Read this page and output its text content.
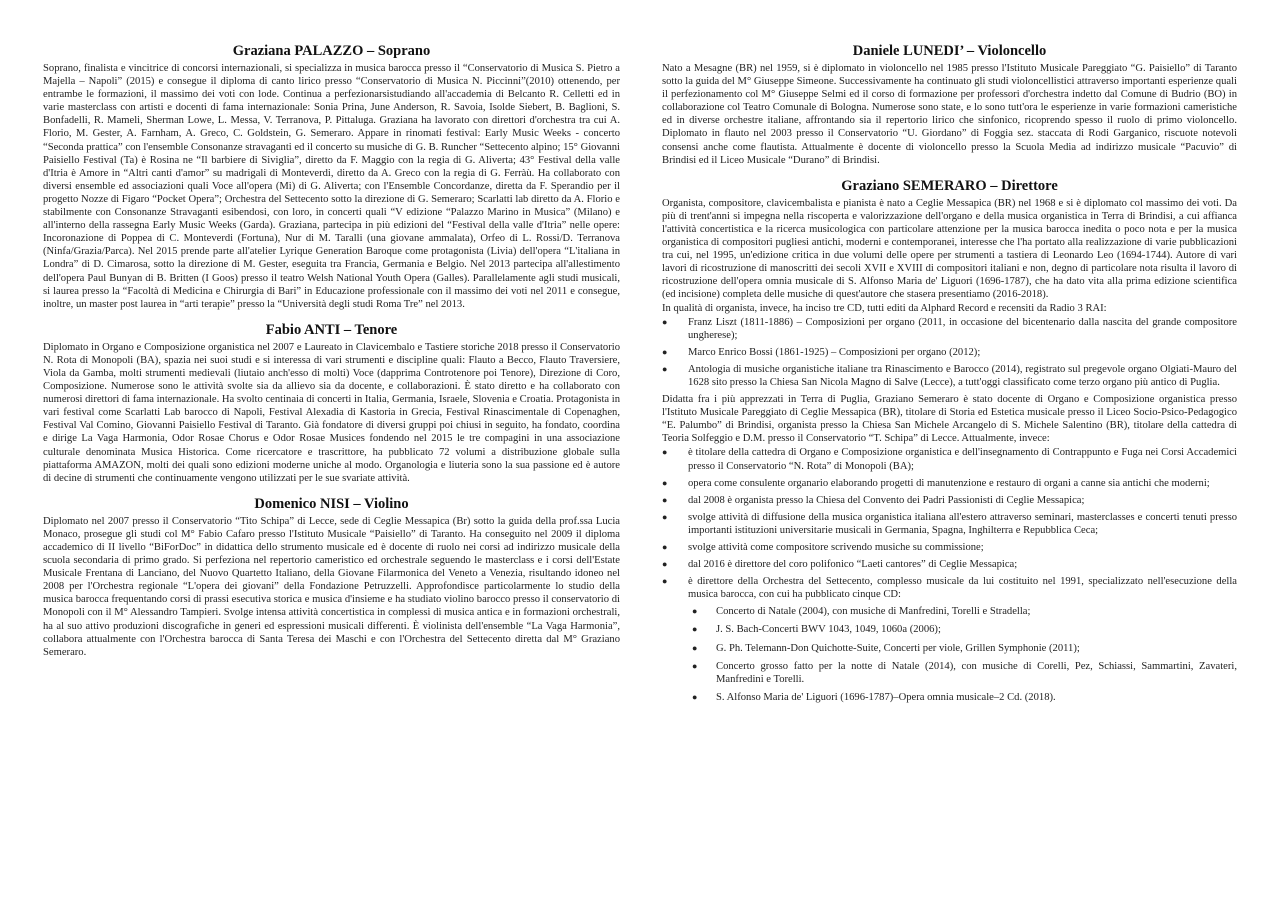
Graziana PALAZZO – Soprano

Soprano, finalista e vincitrice di concorsi internazionali, si specializza in musica barocca presso il “Conservatorio di Musica S. Pietro a Majella – Napoli” (2015) e consegue il diploma di canto lirico presso “Conservatorio di Musica N. Piccinni”(2010) ottenendo, per entrambe le formazioni, il massimo dei voti con lode. Continua a perfezionarsistudiando all'accademia di Belcanto R. Celletti ed in varie masterclass con artisti e docenti di fama internazionale: Sonia Prina, June Anderson, R. Savoia, Isolde Siebert, B. Baglioni, S. Bonfadelli, R. Mameli, Sherman Lowe, L. Messa, V. Terranova, P. Pittaluga. Graziana ha lavorato con direttori d'orchestra tra cui A. Florio, M. Gester, A. Farnham, A. Greco, C. Goldstein, G. Semeraro. Appare in rinomati festival: Early Music Weeks - concerto “Seconda prattica” con l'ensemble Consonanze stravaganti ed il concerto su musiche di G. B. Runcher “Settecento alpino; 15° Giovanni Paisiello Festival (Ta) è Rosina ne “Il barbiere di Siviglia”, diretto da F. Maggio con la regia di G. Aliverta; 43° Festival della valle d'Itria è Amore in “Altri canti d'amor” su madrigali di Monteverdi, diretto da A. Greco con la regia di G. Ferràù. Ha collaborato con diversi ensemble ed associazioni quali Voce all'opera (Mi) di G. Aliverta; con l'Ensemble Concordanze, diretta da F. Sperandio per il progetto Nozze di Figaro “Pocket Opera”; Orchestra del Settecento sotto la direzione di G. Semeraro; Scarlatti lab diretto da A. Florio e stabilmente con Consonanze Stravaganti esibendosi, con loro, in concerti quali “V edizione “Palazzo Marino in Musica” (Milano) e all'interno della rassegna Early Music Weeks (Garda). Graziana, partecipa in più edizioni del “Festival della valle d'Itria” nelle opere: Incoronazione di Poppea di C. Monteverdi (Fortuna), Nur di M. Taralli (una giovane ammalata), Orfeo di L. Rossi/D. Terranova (Ninfa/Grazia/Parca). Nel 2015 prende parte all'atelier Lyrique Generation Baroque come protagonista (Livia) dell'opera “L'italiana in Londra” di D. Cimarosa, sotto la direzione di M. Gester, eseguita tra Francia, Germania e Belgio. Nel 2013 partecipa all'allestimento dell'opera Paul Bunyan di B. Britten (I Goos) presso il teatro Welsh National Youth Opera (Galles). Parallelamente agli studi musicali, si laurea presso la “Facoltà di Medicina e Chirurgia di Bari” in Educazione professionale con il massimo dei voti nel 2011 e consegue, inoltre, un master post laurea in “arti terapie” presso la “Università degli studi Roma Tre” nel 2013.

Fabio ANTI – Tenore

Diplomato in Organo e Composizione organistica nel 2007 e Laureato in Clavicembalo e Tastiere storiche 2018 presso il Conservatorio N. Rota di Monopoli (BA), spazia nei suoi studi e si interessa di vari strumenti e discipline quali: Flauto a Becco, Flauto Traversiere, Viola da Gamba, molti strumenti medievali (liutaio anch'esso di molti) Voce (dapprima Controtenore poi Tenore), Direzione di Coro, Composizione. Numerose sono le attività svolte sia da allievo sia da docente, e collaborazioni. È stato diretto e ha collaborato con numerosi direttori di fama internazionale. Ha svolto centinaia di concerti in Italia, Germania, Israele, Slovenia e Croatia. Protagonista in vari festival come Scarlatti Lab barocco di Napoli, Festival Alexadia di Kastoria in Grecia, Festival Rinascimentale di Copenaghen, Festival Val Comino, Giovanni Paisiello Festival di Taranto. Già fondatore di diversi gruppi poi chiusi in seguito, ha fondato, coordina e dirige La Vaga Harmonia, Odor Rosae Chorus e Odor Rosae Musices fondendo nel 2015 le tre compagini in una associazione culturale denominata Musica Historica. Come ricercatore e trascrittore, ha pubblicato 72 volumi a distribuzione globale sulla piattaforma AMAZON, molti dei quali sono edizioni moderne uniche al modo. Organologia e liuteria sono la sua passione ed è autore di decine di strumenti che continuamente vengono utilizzati per le sue svariate attività.

Domenico NISI – Violino

Diplomato nel 2007 presso il Conservatorio “Tito Schipa” di Lecce, sede di Ceglie Messapica (Br) sotto la guida della prof.ssa Lucia Monaco, prosegue gli studi col M° Fabio Cafaro presso l'Istituto Musicale “Paisiello” di Taranto. Ha conseguito nel 2009 il diploma accademico di II livello “BiForDoc” in didattica dello strumento musicale ed è docente di ruolo nei corsi ad indirizzo musicale della scuola secondaria di primo grado. Si perfeziona nel repertorio cameristico ed orchestrale seguendo le masterclass e i corsi dell'Estate Musicale Frentana di Lanciano, del Nuovo Quartetto Italiano, della Giovane Filarmonica del Veneto a Venezia, risultando idoneo nel 2008 per l'Orchestra regionale “L'opera dei giovani” della Fondazione Petruzzelli. Approfondisce particolarmente lo studio della musica barocca frequentando corsi di prassi esecutiva storica e musica d'insieme e ha studiato violino barocco presso il conservatorio di Monopoli con il M° Alessandro Tampieri. Svolge intensa attività concertistica in complessi di musica antica e in formazioni orchestrali, ha al suo attivo produzioni discografiche in generi ed espressioni musicali differenti. È violinista dell'ensemble “La Vaga Harmonia”, collabora attualmente con l'Orchestra barocca di Santa Teresa dei Maschi e con l'Orchestra del Settecento diretta dal M° Graziano Semeraro.

Daniele LUNEDI’ – Violoncello

Nato a Mesagne (BR) nel 1959, si è diplomato in violoncello nel 1985 presso l'Istituto Musicale Pareggiato “G. Paisiello” di Taranto sotto la guida del M° Giuseppe Simeone. Successivamente ha continuato gli studi violoncellistici attraverso importanti esperienze quali il perfezionamento col M° Giuseppe Selmi ed il corso di formazione per professori d'orchestra indetto dal Comune di Budrio (BO) in collaborazione col Teatro Comunale di Bologna. Numerose sono state, e lo sono tutt'ora le esperienze in varie formazioni cameristiche ed in diverse orchestre italiane, affrontando sia il repertorio lirico che sinfonico, ricoprendo spesso il ruolo di primo violoncello. Diplomato in flauto nel 2003 presso il Conservatorio “U. Giordano” di Foggia sez. staccata di Rodi Garganico, riscuote notevoli consensi anche come flautista. Attualmente è docente di violoncello presso la Scuola Media ad indirizzo musicale “Pacuvio” di Brindisi ed il Liceo Musicale “Durano” di Brindisi.

Graziano SEMERARO – Direttore

Organista, compositore, clavicembalista e pianista è nato a Ceglie Messapica (BR) nel 1968 e si è diplomato col massimo dei voti. Da più di trent'anni si impegna nella riscoperta e valorizzazione dell'organo e della musica organistica in Terra di Brindisi, a cui affianca l'attività concertistica e la ricerca musicologica con particolare attenzione per la musica barocca inedita o poco nota e per la musica organistica di compositori pugliesi antichi, moderni e contemporanei, interesse che l'ha portato alla realizzazione di varie pubblicazioni tra cui, nel 1995, un'edizione critica in due volumi delle opere per strumenti a tastiera di Leonardo Leo (1694-1744). Autore di vari lavori di ricostruzione di manoscritti dei secoli XVII e XVIII di compositori italiani e non, degno di particolare nota risulta il lavoro di ricostruzione dell'opera omnia musicale di S. Alfonso Maria de' Liguori (1696-1787), che ha dato vita alla prima edizione scientifica (ed incisione) completa delle musiche di quest'autore che stasera presentiamo (2016-2018).

In qualità di organista, invece, ha inciso tre CD, tutti editi da Alphard Record e recensiti da Radio 3 RAI:

● Franz Liszt (1811-1886) – Composizioni per organo (2011, in occasione del bicentenario dalla nascita del grande compositore ungherese);
● Marco Enrico Bossi (1861-1925) – Composizioni per organo (2012);
● Antologia di musiche organistiche italiane tra Rinascimento e Barocco (2014), registrato sul pregevole organo Olgiati-Mauro del 1628 sito presso la Chiesa San Nicola Magno di Salve (Lecce), a tutt'oggi classificato come terzo organo più antico di Puglia.

Didatta fra i più apprezzati in Terra di Puglia, Graziano Semeraro è stato docente di Organo e Composizione organistica presso l'Istituto Musicale Pareggiato di Ceglie Messapica (BR), titolare di Storia ed Estetica musicale presso il Liceo Socio-Psico-Pedagogico “E. Palumbo” di Brindisi, organista presso la Chiesa San Michele Arcangelo di S. Michele Salentino (BR), titolare della cattedra di Teoria Solfeggio e D.M. presso il Conservatorio “T. Schipa” di Lecce. Attualmente, invece:

● è titolare della cattedra di Organo e Composizione organistica e dell'insegnamento di Contrappunto e Fuga nei Corsi Accademici presso il Conservatorio “N. Rota” di Monopoli (BA);
● opera come consulente organario elaborando progetti di manutenzione e restauro di organi a canne sia antichi che moderni;
● dal 2008 è organista presso la Chiesa del Convento dei Padri Passionisti di Ceglie Messapica;
● svolge attività di diffusione della musica organistica italiana all'estero attraverso seminari, masterclasses e concerti tenuti presso importanti istituzioni universitarie musicali in Germania, Spagna, Inghilterra e Repubblica Ceca;
● svolge attività come compositore scrivendo musiche su commissione;
● dal 2016 è direttore del coro polifonico “Laeti cantores” di Ceglie Messapica;
● è direttore della Orchestra del Settecento, complesso musicale da lui costituito nel 1991, specializzato nell'esecuzione della musica barocca, con cui ha pubblicato cinque CD:
● Concerto di Natale (2004), con musiche di Manfredini, Torelli e Stradella;
● J. S. Bach-Concerti BWV 1043, 1049, 1060a (2006);
● G. Ph. Telemann-Don Quichotte-Suite, Concerti per viole, Grillen Symphonie (2011);
● Concerto grosso fatto per la notte di Natale (2014), con musiche di Corelli, Pez, Schiassi, Sammartini, Zavateri, Manfredini e Torelli.
● S. Alfonso Maria de' Liguori (1696-1787)–Opera omnia musicale–2 Cd. (2018).
